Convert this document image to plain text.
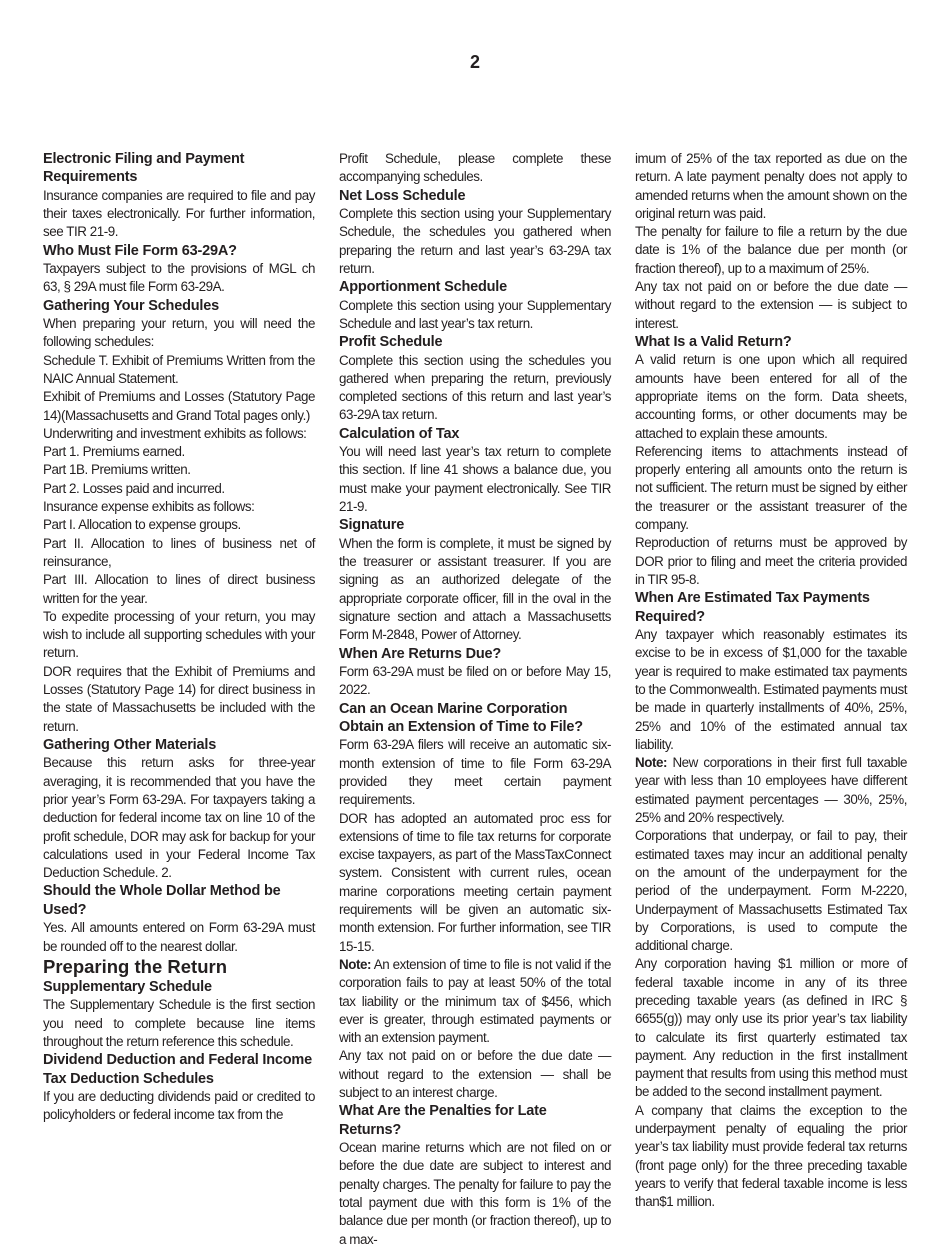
2
Electronic Filing and Payment Requirements

Insurance companies are required to file and pay their taxes electronically. For further information, see TIR 21-9.

Who Must File Form 63-29A?

Taxpayers subject to the provisions of MGL ch 63, § 29A must file Form 63-29A.

Gathering Your Schedules

When preparing your return, you will need the following schedules:

Schedule T. Exhibit of Premiums Written from the NAIC Annual Statement.

Exhibit of Premiums and Losses (Statutory Page 14)(Massachusetts and Grand Total pages only.)

Underwriting and investment exhibits as follows:

Part 1. Premiums earned.

Part 1B. Premiums written.

Part 2. Losses paid and incurred.

Insurance expense exhibits as follows:

Part I. Allocation to expense groups.

Part II. Allocation to lines of business net of reinsurance,

Part III. Allocation to lines of direct business written for the year.

To expedite processing of your return, you may wish to include all supporting schedules with your return.

DOR requires that the Exhibit of Premiums and Losses (Statutory Page 14) for direct business in the state of Massachusetts be included with the return.

Gathering Other Materials

Because this return asks for three-year averaging, it is recommended that you have the prior year’s Form 63-29A. For taxpayers taking a deduction for federal income tax on line 10 of the profit schedule, DOR may ask for backup for your calculations used in your Federal Income Tax Deduction Schedule. 2.

Should the Whole Dollar Method be Used?

Yes. All amounts entered on Form 63-29A must be rounded off to the nearest dollar.

Preparing the Return
Supplementary Schedule

The Supplementary Schedule is the first section you need to complete because line items throughout the return reference this schedule.

Dividend Deduction and Federal Income Tax Deduction Schedules

If you are deducting dividends paid or credited to policyholders or federal income tax from the

Profit Schedule, please complete these accompanying schedules.

Net Loss Schedule

Complete this section using your Supplementary Schedule, the schedules you gathered when preparing the return and last year’s 63-29A tax return.

Apportionment Schedule

Complete this section using your Supplementary Schedule and last year’s tax return.

Profit Schedule

Complete this section using the schedules you gathered when preparing the return, previously completed sections of this return and last year’s 63-29A tax return.

Calculation of Tax

You will need last year’s tax return to complete this section. If line 41 shows a balance due, you must make your payment electronically. See TIR 21-9.

Signature

When the form is complete, it must be signed by the treasurer or assistant treasurer. If you are signing as an authorized delegate of the appropriate corporate officer, fill in the oval in the signature section and attach a Massachusetts Form M-2848, Power of Attorney.

When Are Returns Due?

Form 63-29A must be filed on or before May 15, 2022.

Can an Ocean Marine Corporation Obtain an Extension of Time to File?

Form 63-29A filers will receive an automatic six-month extension of time to file Form 63-29A provided they meet certain payment requirements.

DOR has adopted an automated proc ess for extensions of time to file tax returns for corporate excise taxpayers, as part of the MassTaxConnect system. Consistent with current rules, ocean marine corporations meeting certain payment requirements will be given an automatic six-month extension. For further information, see TIR 15-15.

Note: An extension of time to file is not valid if the corporation fails to pay at least 50% of the total tax liability or the minimum tax of $456, which ever is greater, through estimated payments or with an extension payment.

Any tax not paid on or before the due date — without regard to the extension — shall be subject to an interest charge.

What Are the Penalties for Late Returns?

Ocean marine returns which are not filed on or before the due date are subject to interest and penalty charges. The penalty for failure to pay the total payment due with this form is 1% of the balance due per month (or fraction thereof), up to a max-

imum of 25% of the tax reported as due on the return. A late payment penalty does not apply to amended returns when the amount shown on the original return was paid.

The penalty for failure to file a return by the due date is 1% of the balance due per month (or fraction thereof), up to a maximum of 25%.

Any tax not paid on or before the due date — without regard to the extension — is subject to interest.

What Is a Valid Return?

A valid return is one upon which all required amounts have been entered for all of the appropriate items on the form. Data sheets, accounting forms, or other documents may be attached to explain these amounts.

Referencing items to attachments instead of properly entering all amounts onto the return is not sufficient. The return must be signed by either the treasurer or the assistant treasurer of the company.

Reproduction of returns must be approved by DOR prior to filing and meet the criteria provided in TIR 95-8.

When Are Estimated Tax Payments Required?

Any taxpayer which reasonably estimates its excise to be in excess of $1,000 for the taxable year is required to make estimated tax payments to the Commonwealth. Estimated payments must be made in quarterly installments of 40%, 25%, 25% and 10% of the estimated annual tax liability.

Note: New corporations in their first full taxable year with less than 10 employees have different estimated payment percentages — 30%, 25%, 25% and 20% respectively.

Corporations that underpay, or fail to pay, their estimated taxes may incur an additional penalty on the amount of the underpayment for the period of the underpayment. Form M-2220, Underpayment of Massachusetts Estimated Tax by Corporations, is used to compute the additional charge.

Any corporation having $1 million or more of federal taxable income in any of its three preceding taxable years (as defined in IRC § 6655(g)) may only use its prior year’s tax liability to calculate its first quarterly estimated tax payment. Any reduction in the first installment payment that results from using this method must be added to the second installment payment.

A company that claims the exception to the underpayment penalty of equaling the prior year’s tax liability must provide federal tax returns (front page only) for the three preceding taxable years to verify that federal taxable income is less than$1 million.
